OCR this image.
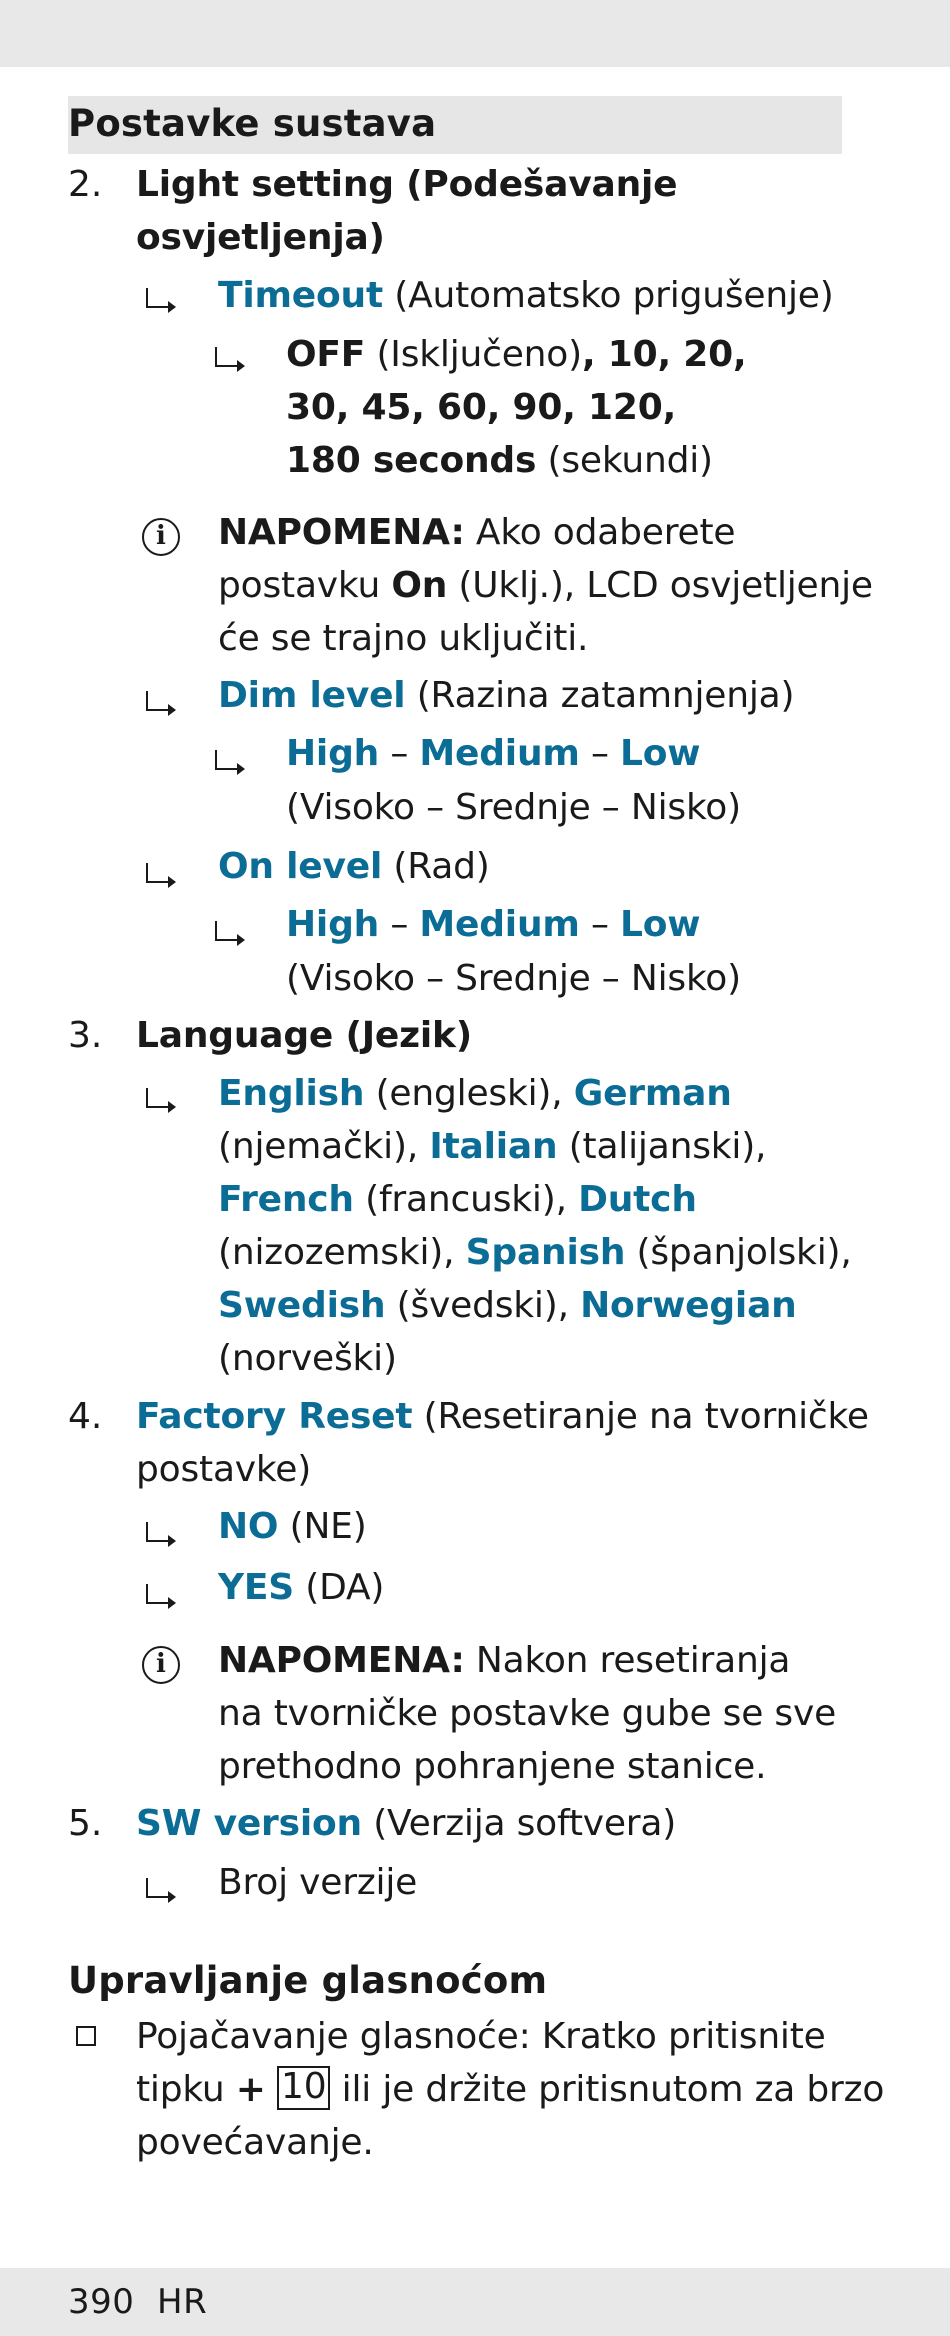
Postavke sustava
2. Light setting (Podešavanje
osvjetljenja)
Timeout (Automatsko prigušenje)
OFF (Isključeno), 10, 20,
30, 45, 60, 90, 120,
180 seconds (sekundi)
i	NAPOMENA: Ako odaberete
postavku On (Uklj.), LCD osvjetljenje
će se trajno uključiti.
Dim level (Razina zatamnjenja)
High – Medium – Low
(Visoko – Srednje – Nisko)
On level (Rad)
High – Medium – Low
(Visoko – Srednje – Nisko)
3. Language (Jezik)
English (engleski), German
(njemački), Italian (talijanski),
French (francuski), Dutch
(nizozemski), Spanish (španjolski),
Swedish (švedski), Norwegian
(norveški)
4. Factory Reset (Resetiranje na tvorničke
postavke)
NO (NE)
YES (DA)
i	NAPOMENA: Nakon resetiranja
na tvorničke postavke gube se sve
prethodno pohranjene stanice.
5. SW version (Verzija softvera)
Broj verzije
Upravljanje glasnoćom
Pojačavanje glasnoće: Kratko pritisnite
tipku + 10 ili je držite pritisnutom za brzo
povećavanje.
390  HR
